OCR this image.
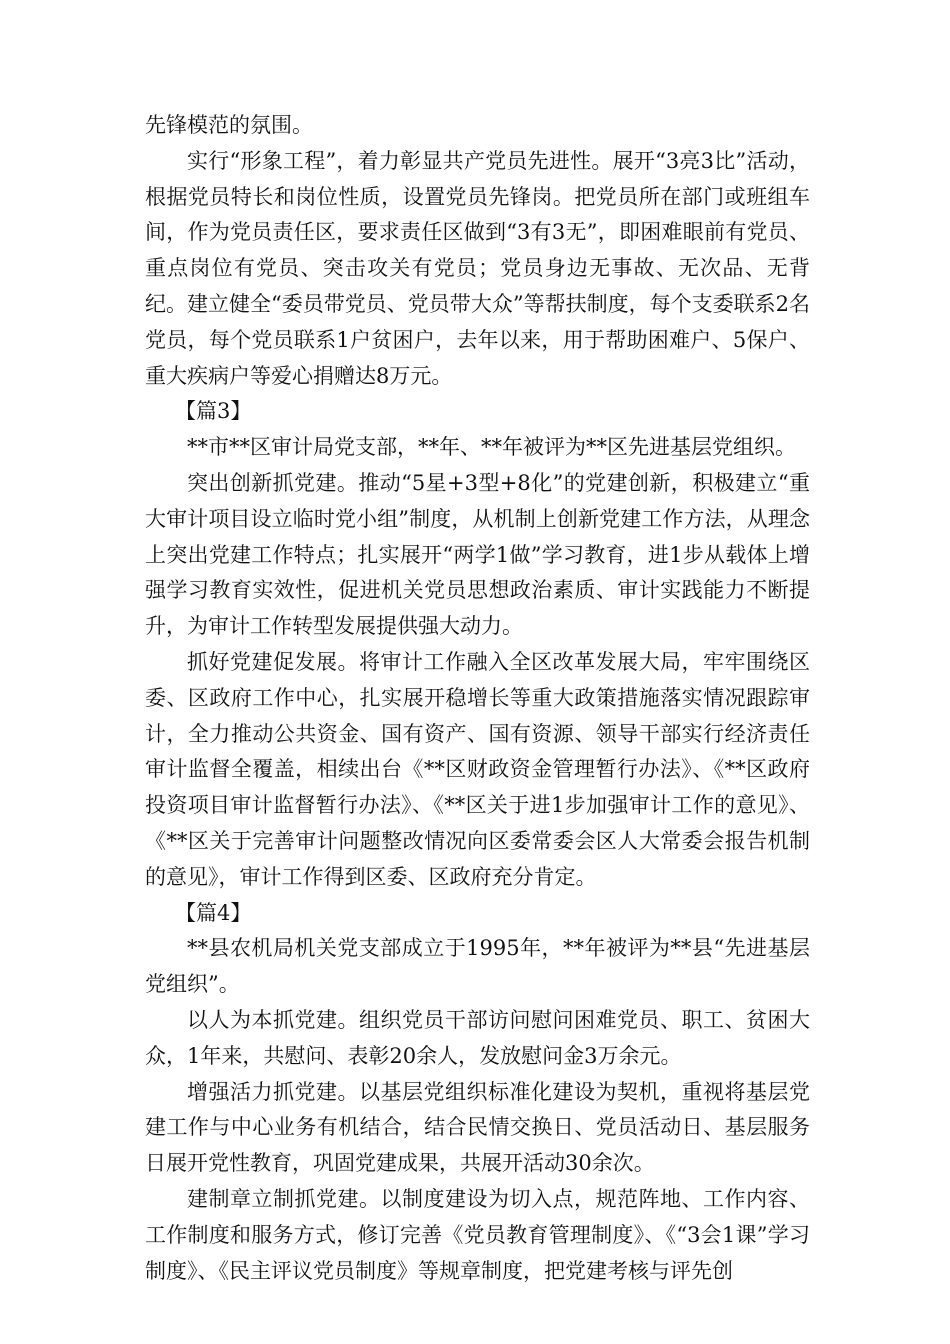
先锋模范的氛围。

实行“形象工程”，着力彰显共产党员先进性。展开“3亮3比”活动，根据党员特长和岗位性质，设置党员先锋岗。把党员所在部门或班组车间，作为党员责任区，要求责任区做到“3有3无”，即困难眼前有党员、重点岗位有党员、突击攻关有党员；党员身边无事故、无次品、无背纪。建立健全“委员带党员、党员带大众”等帮扶制度，每个支委联系2名党员，每个党员联系1户贫困户，去年以来，用于帮助困难户、5保户、重大疾病户等爱心捐赠达8万元。

【篇3】

**市**区审计局党支部，**年、**年被评为**区先进基层党组织。

突出创新抓党建。推动“5星+3型+8化”的党建创新，积极建立“重大审计项目设立临时党小组”制度，从机制上创新党建工作方法，从理念上突出党建工作特点；扎实展开“两学1做”学习教育，进1步从载体上增强学习教育实效性，促进机关党员思想政治素质、审计实践能力不断提升，为审计工作转型发展提供强大动力。

抓好党建促发展。将审计工作融入全区改革发展大局，牢牢围绕区委、区政府工作中心，扎实展开稳增长等重大政策措施落实情况跟踪审计，全力推动公共资金、国有资产、国有资源、领导干部实行经济责任审计监督全覆盖，相续出台《**区财政资金管理暂行办法》、《**区政府投资项目审计监督暂行办法》、《**区关于进1步加强审计工作的意见》、《**区关于完善审计问题整改情况向区委常委会区人大常委会报告机制的意见》，审计工作得到区委、区政府充分肯定。

【篇4】

**县农机局机关党支部成立于1995年，**年被评为**县“先进基层党组织”。

以人为本抓党建。组织党员干部访问慰问困难党员、职工、贫困大众，1年来，共慰问、表彰20余人，发放慰问金3万余元。

增强活力抓党建。以基层党组织标准化建设为契机，重视将基层党建工作与中心业务有机结合，结合民情交换日、党员活动日、基层服务日展开党性教育，巩固党建成果，共展开活动30余次。

建制章立制抓党建。以制度建设为切入点，规范阵地、工作内容、工作制度和服务方式，修订完善《党员教育管理制度》、《“3会1课”学习制度》、《民主评议党员制度》等规章制度，把党建考核与评先创
